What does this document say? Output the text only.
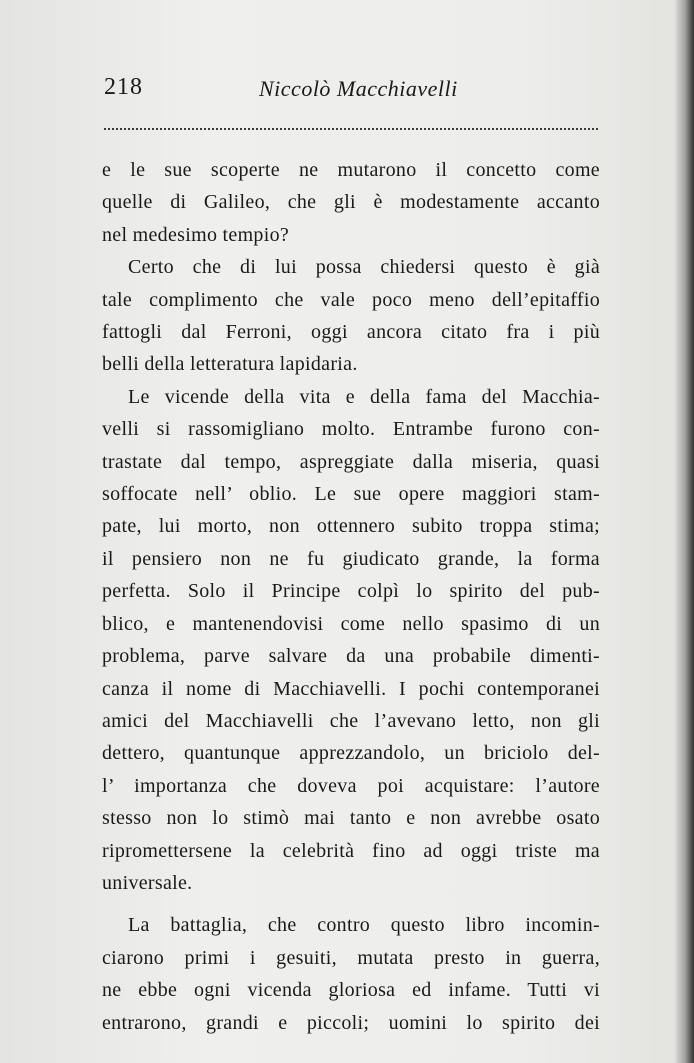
218	Niccolò Macchiavelli
e le sue scoperte ne mutarono il concetto come
quelle di Galileo, che gli è modestamente accanto
nel medesimo tempio?
Certo che di lui possa chiedersi questo è già
tale complimento che vale poco meno dell’epitaffio
fattogli dal Ferroni, oggi ancora citato fra i più
belli della letteratura lapidaria.
Le vicende della vita e della fama del Macchia-
velli si rassomigliano molto. Entrambe furono con-
trastate dal tempo, aspreggiate dalla miseria, quasi
soffocate nell’ oblio. Le sue opere maggiori stam-
pate, lui morto, non ottennero subito troppa stima;
il pensiero non ne fu giudicato grande, la forma
perfetta. Solo il Principe colpì lo spirito del pub-
blico, e mantenendovisi come nello spasimo di un
problema, parve salvare da una probabile dimenti-
canza il nome di Macchiavelli. I pochi contemporanei
amici del Macchiavelli che l’avevano letto, non gli
dettero, quantunque apprezzandolo, un briciolo del-
l’ importanza che doveva poi acquistare: l’autore
stesso non lo stimò mai tanto e non avrebbe osato
ripromettersene la celebrità fino ad oggi triste ma
universale.
La battaglia, che contro questo libro incomin-
ciarono primi i gesuiti, mutata presto in guerra,
ne ebbe ogni vicenda gloriosa ed infame. Tutti vi
entrarono, grandi e piccoli; uomini lo spirito dei
